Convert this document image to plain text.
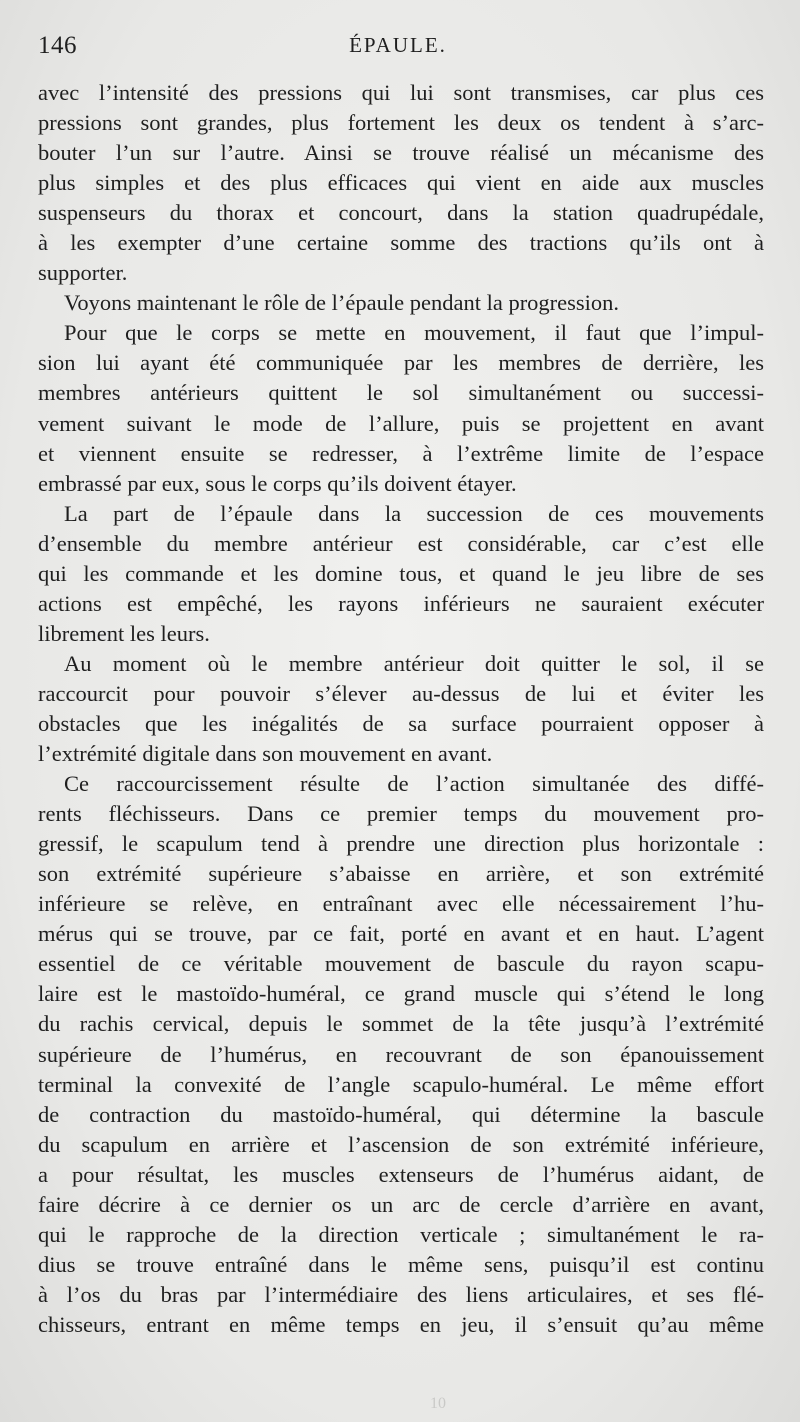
146	ÉPAULE.
avec l’intensité des pressions qui lui sont transmises, car plus ces
pressions sont grandes, plus fortement les deux os tendent à s’arc-
bouter l’un sur l’autre. Ainsi se trouve réalisé un mécanisme des
plus simples et des plus efficaces qui vient en aide aux muscles
suspenseurs du thorax et concourt, dans la station quadrupédale,
à les exempter d’une certaine somme des tractions qu’ils ont à
supporter.
Voyons maintenant le rôle de l’épaule pendant la progression.
Pour que le corps se mette en mouvement, il faut que l’impul-
sion lui ayant été communiquée par les membres de derrière, les
membres antérieurs quittent le sol simultanément ou successi-
vement suivant le mode de l’allure, puis se projettent en avant
et viennent ensuite se redresser, à l’extrême limite de l’espace
embrassé par eux, sous le corps qu’ils doivent étayer.
La part de l’épaule dans la succession de ces mouvements
d’ensemble du membre antérieur est considérable, car c’est elle
qui les commande et les domine tous, et quand le jeu libre de ses
actions est empêché, les rayons inférieurs ne sauraient exécuter
librement les leurs.
Au moment où le membre antérieur doit quitter le sol, il se
raccourcit pour pouvoir s’élever au-dessus de lui et éviter les
obstacles que les inégalités de sa surface pourraient opposer à
l’extrémité digitale dans son mouvement en avant.
Ce raccourcissement résulte de l’action simultanée des diffé-
rents fléchisseurs. Dans ce premier temps du mouvement pro-
gressif, le scapulum tend à prendre une direction plus horizontale :
son extrémité supérieure s’abaisse en arrière, et son extrémité
inférieure se relève, en entraînant avec elle nécessairement l’hu-
mérus qui se trouve, par ce fait, porté en avant et en haut. L’agent
essentiel de ce véritable mouvement de bascule du rayon scapu-
laire est le mastoïdo-huméral, ce grand muscle qui s’étend le long
du rachis cervical, depuis le sommet de la tête jusqu’à l’extrémité
supérieure de l’humérus, en recouvrant de son épanouissement
terminal la convexité de l’angle scapulo-huméral. Le même effort
de contraction du mastoïdo-huméral, qui détermine la bascule
du scapulum en arrière et l’ascension de son extrémité inférieure,
a pour résultat, les muscles extenseurs de l’humérus aidant, de
faire décrire à ce dernier os un arc de cercle d’arrière en avant,
qui le rapproche de la direction verticale ; simultanément le ra-
dius se trouve entraîné dans le même sens, puisqu’il est continu
à l’os du bras par l’intermédiaire des liens articulaires, et ses flé-
chisseurs, entrant en même temps en jeu, il s’ensuit qu’au même
10
